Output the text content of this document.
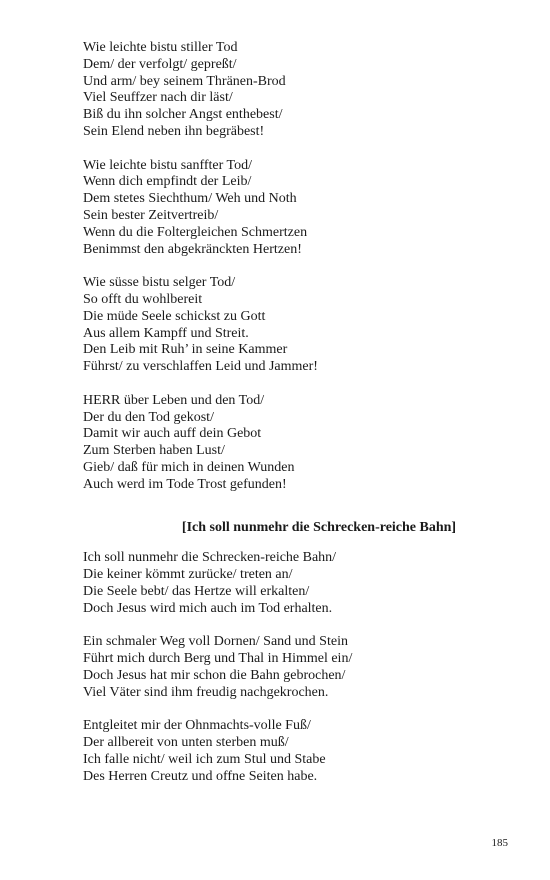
Wie leichte bistu stiller Tod
Dem/ der verfolgt/ gepreßt/
Und arm/ bey seinem Thränen-Brod
Viel Seuffzer nach dir läst/
Biß du ihn solcher Angst enthebest/
Sein Elend neben ihn begräbest!
Wie leichte bistu sanffter Tod/
Wenn dich empfindt der Leib/
Dem stetes Siechthum/ Weh und Noth
Sein bester Zeitvertreib/
Wenn du die Foltergleichen Schmertzen
Benimmst den abgekränckten Hertzen!
Wie süsse bistu selger Tod/
So offt du wohlbereit
Die müde Seele schickst zu Gott
Aus allem Kampff und Streit.
Den Leib mit Ruh’ in seine Kammer
Führst/ zu verschlaffen Leid und Jammer!
HERR über Leben und den Tod/
Der du den Tod gekost/
Damit wir auch auff dein Gebot
Zum Sterben haben Lust/
Gieb/ daß für mich in deinen Wunden
Auch werd im Tode Trost gefunden!
[Ich soll nunmehr die Schrecken-reiche Bahn]
Ich soll nunmehr die Schrecken-reiche Bahn/
Die keiner kömmt zurücke/ treten an/
Die Seele bebt/ das Hertze will erkalten/
Doch Jesus wird mich auch im Tod erhalten.
Ein schmaler Weg voll Dornen/ Sand und Stein
Führt mich durch Berg und Thal in Himmel ein/
Doch Jesus hat mir schon die Bahn gebrochen/
Viel Väter sind ihm freudig nachgekrochen.
Entgleitet mir der Ohnmachts-volle Fuß/
Der allbereit von unten sterben muß/
Ich falle nicht/ weil ich zum Stul und Stabe
Des Herren Creutz und offne Seiten habe.
185
